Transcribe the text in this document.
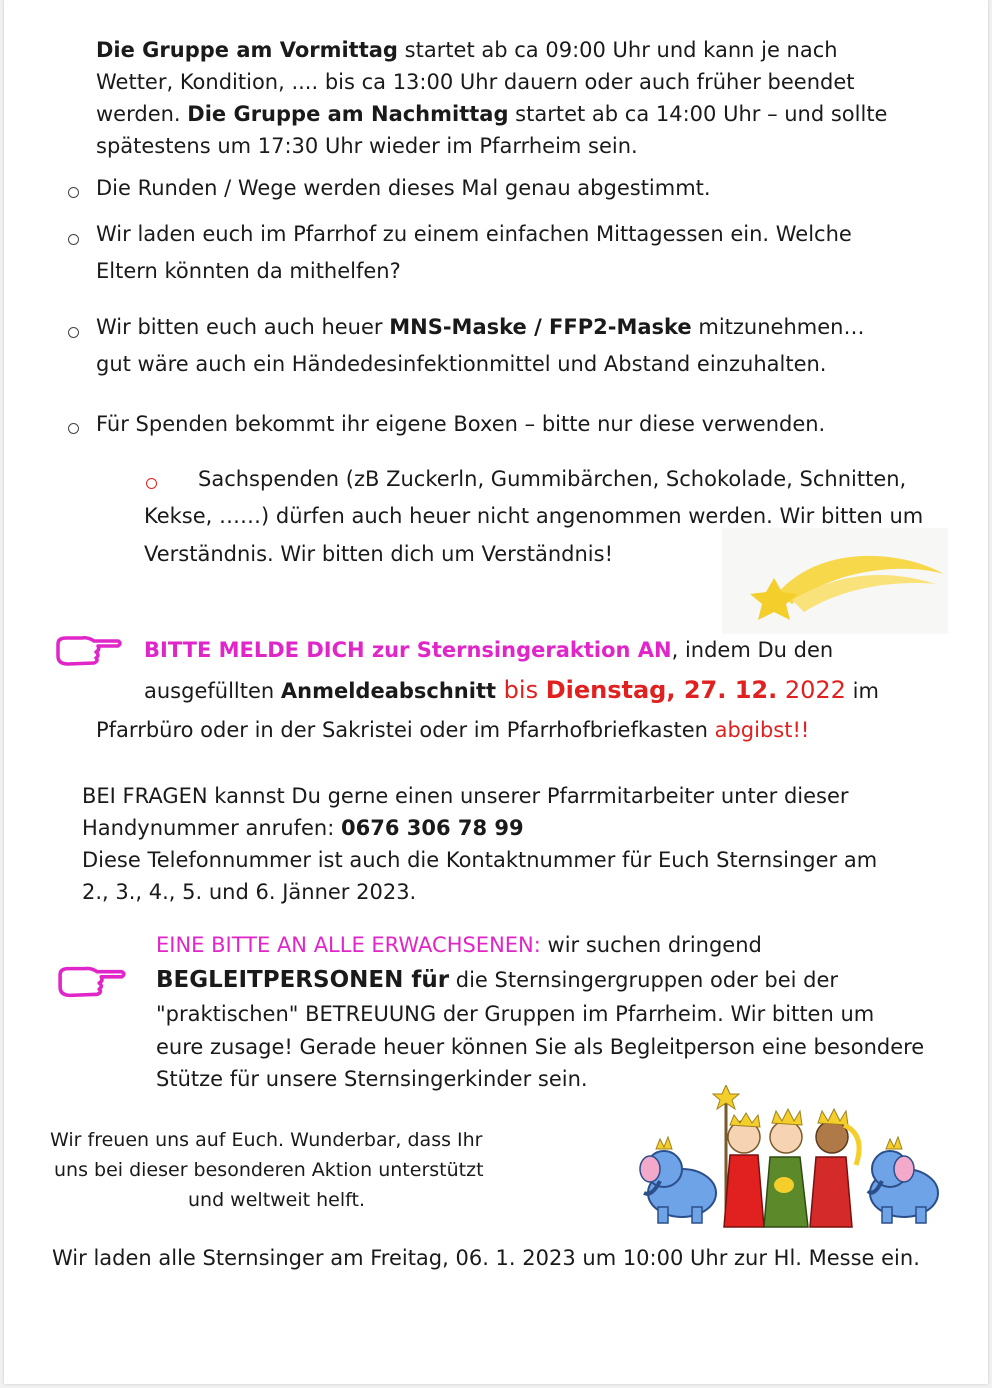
Die Gruppe am Vormittag startet ab ca 09:00 Uhr und kann je nach
Wetter, Kondition, .... bis ca 13:00 Uhr dauern oder auch früher beendet
werden. Die Gruppe am Nachmittag startet ab ca 14:00 Uhr – und sollte
spätestens um 17:30 Uhr wieder im Pfarrheim sein.
Die Runden / Wege werden dieses Mal genau abgestimmt.
Wir laden euch im Pfarrhof zu einem einfachen Mittagessen ein. Welche
Eltern könnten da mithelfen?
Wir bitten euch auch heuer MNS-Maske / FFP2-Maske mitzunehmen…
gut wäre auch ein Händedesinfektionmittel und Abstand einzuhalten.
Für Spenden bekommt ihr eigene Boxen – bitte nur diese verwenden.
Sachspenden (zB Zuckerln, Gummibärchen, Schokolade, Schnitten,
Kekse, ……) dürfen auch heuer nicht angenommen werden. Wir bitten um
Verständnis. Wir bitten dich um Verständnis!
BITTE MELDE DICH zur Sternsingeraktion AN, indem Du den
ausgefüllten Anmeldeabschnitt bis Dienstag, 27. 12. 2022 im
Pfarrbüro oder in der Sakristei oder im Pfarrhofbriefkasten abgibst!!
BEI FRAGEN kannst Du gerne einen unserer Pfarrmitarbeiter unter dieser
Handynummer anrufen: 0676 306 78 99
Diese Telefonnummer ist auch die Kontaktnummer für Euch Sternsinger am
2., 3., 4., 5. und 6. Jänner 2023.
EINE BITTE AN ALLE ERWACHSENEN: wir suchen dringend
BEGLEITPERSONEN für die Sternsingergruppen oder bei der
"praktischen" BETREUUNG der Gruppen im Pfarrheim. Wir bitten um
eure zusage! Gerade heuer können Sie als Begleitperson eine besondere
Stütze für unsere Sternsingerkinder sein.
Wir freuen uns auf Euch. Wunderbar, dass Ihr
uns bei dieser besonderen Aktion unterstützt
und weltweit helft.
Wir laden alle Sternsinger am Freitag, 06. 1. 2023 um 10:00 Uhr zur Hl. Messe ein.
